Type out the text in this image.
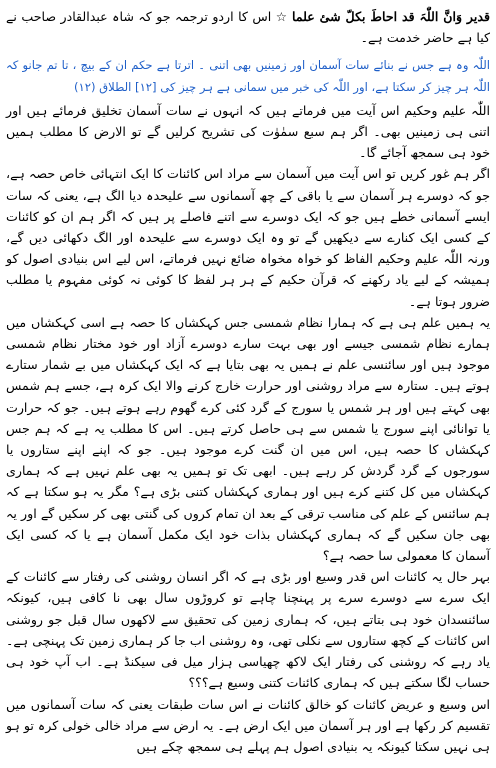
قدير وَانَّ اللّٰہَ قد احاطَ بکلّ شئ علما ☆ اس کا اردو ترجمہ جو کہ شاہ عبدالقادر صاحب نے کیا ہے حاضر خدمت ہے۔

اللّٰہ وہ ہے جس نے بنائے سات آسمان اور زمینیں بھی اتنی ۔ اترتا ہے حکم ان کے بیچ ، تا تم جانو کہ اللّٰہ ہر چیز کر سکتا ہے، اور اللّٰہ کی خبر میں سمانی ہے ہر چیز کی [۱۲] الطلاق (۱۲)

اللّٰہ علیم وحکیم اس آیت میں فرماتے ہیں کہ انہوں نے سات آسمان تخلیق فرمائے ہیں اور اتنی ہی زمینیں بھی۔ اگر ہم سبع سمٰوٰت کی تشریح کرلیں گے تو الارض کا مطلب ہمیں خود ہی سمجھ آجائے گا۔

اگر ہم غور کریں تو اس آیت میں آسمان سے مراد اس کائنات کا ایک انتہائی خاص حصہ ہے، جو کہ دوسرے ہر آسمان سے یا باقی کے چھ آسمانوں سے علیحدہ دیا الگ ہے، یعنی کہ سات ایسے آسمانی خطے ہیں جو کہ ایک دوسرے سے اتنے فاصلے پر ہیں کہ اگر ہم ان کو کائنات کے کسی ایک کنارے سے دیکھیں گے تو وہ ایک دوسرے سے علیحدہ اور الگ دکھائی دیں گے، ورنہ اللّٰہ علیم وحکیم الفاظ کو خواہ مخواہ ضائع نہیں فرماتے، اس لیے اس بنیادی اصول کو ہمیشہ کے لیے یاد رکھنے کہ قرآن حکیم کے ہر ہر لفظ کا کوئی نہ کوئی مفہوم یا مطلب ضرور ہوتا ہے۔

یہ ہمیں علم ہی ہے کہ ہمارا نظام شمسی جس کہکشاں کا حصہ ہے اسی کہکشاں میں ہمارے نظام شمسی جیسے اور بھی بہت سارے دوسرے آزاد اور خود مختار نظام شمسی موجود ہیں اور سائنسی علم نے ہمیں یہ بھی بتایا ہے کہ ایک کہکشاں میں بے شمار ستارے ہوتے ہیں۔ ستارہ سے مراد روشنی اور حرارت خارج کرنے والا ایک کرہ ہے، جسے ہم شمس بھی کہتے ہیں اور ہر شمس یا سورج کے گرد کئی کرے گھوم رہے ہوتے ہیں۔ جو کہ حرارت یا توانائی اپنے سورج یا شمس سے ہی حاصل کرتے ہیں۔ اس کا مطلب یہ ہے کہ ہم جس کہکشاں کا حصہ ہیں، اس میں ان گنت کرے موجود ہیں۔ جو کہ اپنے اپنے ستاروں یا سورجوں کے گرد گردش کر رہے ہیں۔ ابھی تک تو ہمیں یہ بھی علم نہیں ہے کہ ہماری کہکشاں میں کل کتنے کرے ہیں اور ہماری کہکشاں کتنی بڑی ہے؟ مگر یہ ہو سکتا ہے کہ ہم سائنس کے علم کی مناسب ترقی کے بعد ان تمام کروں کی گنتی بھی کر سکیں گے اور یہ بھی جان سکیں گے کہ ہماری کہکشاں بذات خود ایک مکمل آسمان ہے یا کہ کسی ایک آسمان کا معمولی سا حصہ ہے؟

بہر حال یہ کائنات اس قدر وسیع اور بڑی ہے کہ اگر انسان روشنی کی رفتار سے کائنات کے ایک سرے سے دوسرے سرے پر پہنچنا چاہے تو کروڑوں سال بھی نا کافی ہیں، کیونکہ سائنسدان خود ہی بتاتے ہیں، کہ ہماری زمین کی تحقیق سے لاکھوں سال قبل جو روشنی اس کائنات کے کچھ ستاروں سے نکلی تھی، وہ روشنی اب جا کر ہماری زمین تک پہنچی ہے۔ یاد رہے کہ روشنی کی رفتار ایک لاکھ چھیاسی ہزار میل فی سیکنڈ ہے۔ اب آپ خود ہی حساب لگا سکتے ہیں کہ ہماری کائنات کتنی وسیع ہے؟؟؟

اس وسیع و عریض کائنات کو خالق کائنات نے اس سات طبقات یعنی کہ سات آسمانوں میں تقسیم کر رکھا ہے اور ہر آسمان میں ایک ارض ہے۔ یہ ارض سے مراد خالی خولی کرہ تو ہو ہی نہیں سکتا کیونکہ یہ بنیادی اصول ہم پہلے ہی سمجھ چکے ہیں
